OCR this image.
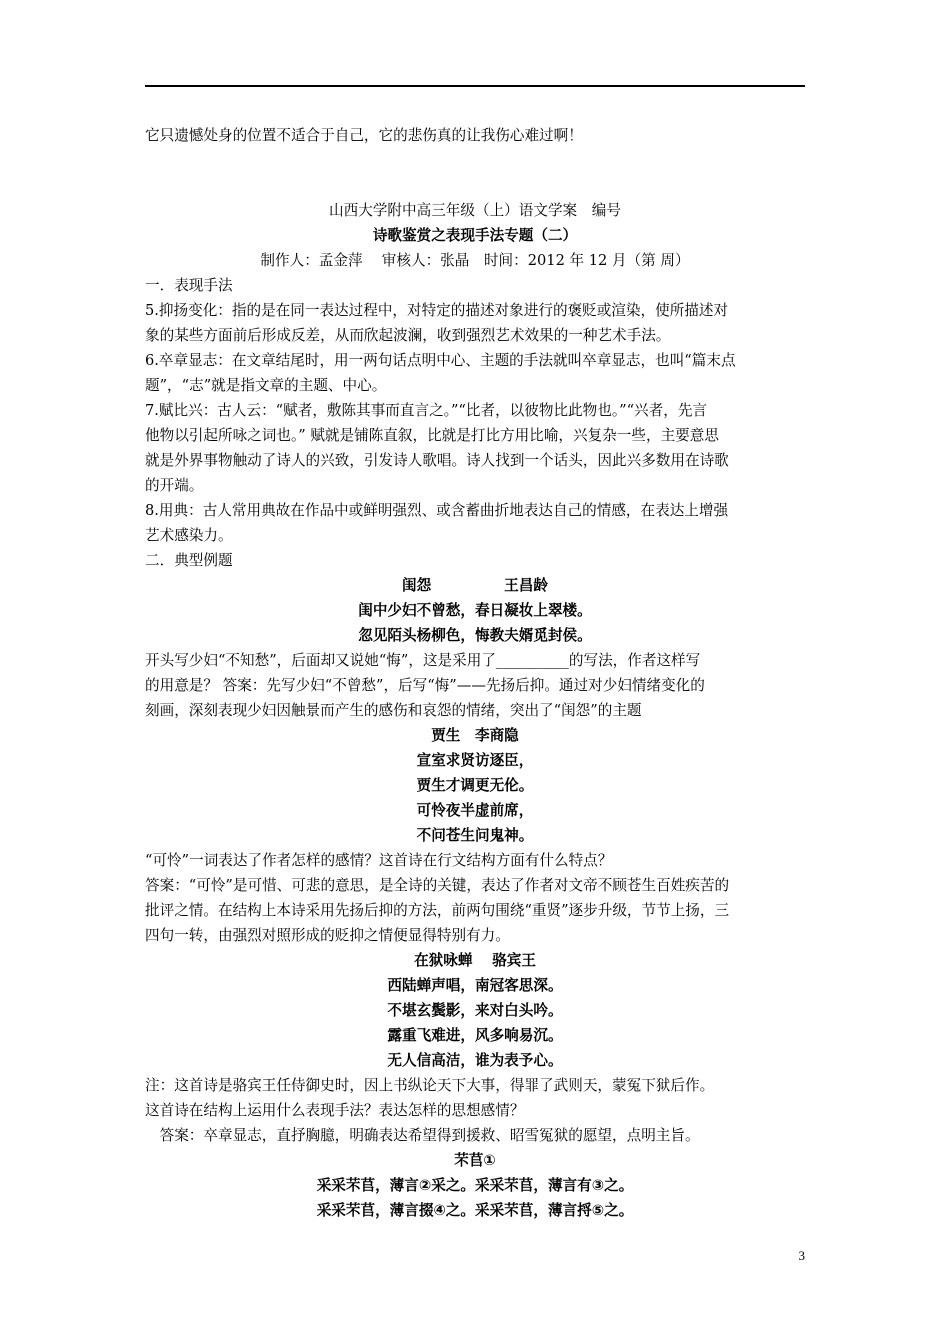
它只遗憾处身的位置不适合于自己，它的悲伤真的让我伤心难过啊！
山西大学附中高三年级（上）语文学案　编号
诗歌鉴赏之表现手法专题（二）
制作人：孟金萍　 审核人：张晶　时间：2012 年 12 月（第 周）
一．表现手法
5.抑扬变化：指的是在同一表达过程中，对特定的描述对象进行的褒贬或渲染，使所描述对
象的某些方面前后形成反差，从而欣起波澜，收到强烈艺术效果的一种艺术手法。
6.卒章显志：在文章结尾时，用一两句话点明中心、主题的手法就叫卒章显志，也叫“篇末点
题”，“志”就是指文章的主题、中心。
7.赋比兴：古人云：“赋者，敷陈其事而直言之。”“比者，以彼物比此物也。”“兴者，先言
他物以引起所咏之词也。” 赋就是铺陈直叙，比就是打比方用比喻，兴复杂一些，主要意思
就是外界事物触动了诗人的兴致，引发诗人歌唱。诗人找到一个话头，因此兴多数用在诗歌
的开端。
8.用典：古人常用典故在作品中或鲜明强烈、或含蓄曲折地表达自己的情感，在表达上增强
艺术感染力。
二．典型例题
闺怨　　　　　王昌龄
闺中少妇不曾愁，春日凝妆上翠楼。
忽见陌头杨柳色，悔教夫婿觅封侯。
开头写少妇“不知愁”，后面却又说她“悔”，这是采用了__________的写法，作者这样写
的用意是？ 答案：先写少妇“不曾愁”，后写“悔”——先扬后抑。通过对少妇情绪变化的
刻画，深刻表现少妇因触景而产生的感伤和哀怨的情绪，突出了“闺怨”的主题
贾生　李商隐
宣室求贤访逐臣，
贾生才调更无伦。
可怜夜半虚前席，
不问苍生问鬼神。
“可怜”一词表达了作者怎样的感情？这首诗在行文结构方面有什么特点？
答案：“可怜”是可惜、可悲的意思，是全诗的关键，表达了作者对文帝不顾苍生百姓疾苦的
批评之情。在结构上本诗采用先扬后抑的方法，前两句围绕“重贤”逐步升级，节节上扬，三
四句一转，由强烈对照形成的贬抑之情便显得特别有力。
在狱咏蝉　 骆宾王
西陆蝉声唱，南冠客思深。
不堪玄鬓影，来对白头吟。
露重飞难进，风多响易沉。
无人信高洁，谁为表予心。
注：这首诗是骆宾王任侍御史时，因上书纵论天下大事，得罪了武则天，蒙冤下狱后作。
这首诗在结构上运用什么表现手法？表达怎样的思想感情？
　答案：卒章显志，直抒胸臆，明确表达希望得到援救、昭雪冤狱的愿望，点明主旨。
芣苢①
采采芣苢，薄言②采之。采采芣苢，薄言有③之。
采采芣苢，薄言掇④之。采采芣苢，薄言捋⑤之。
3
